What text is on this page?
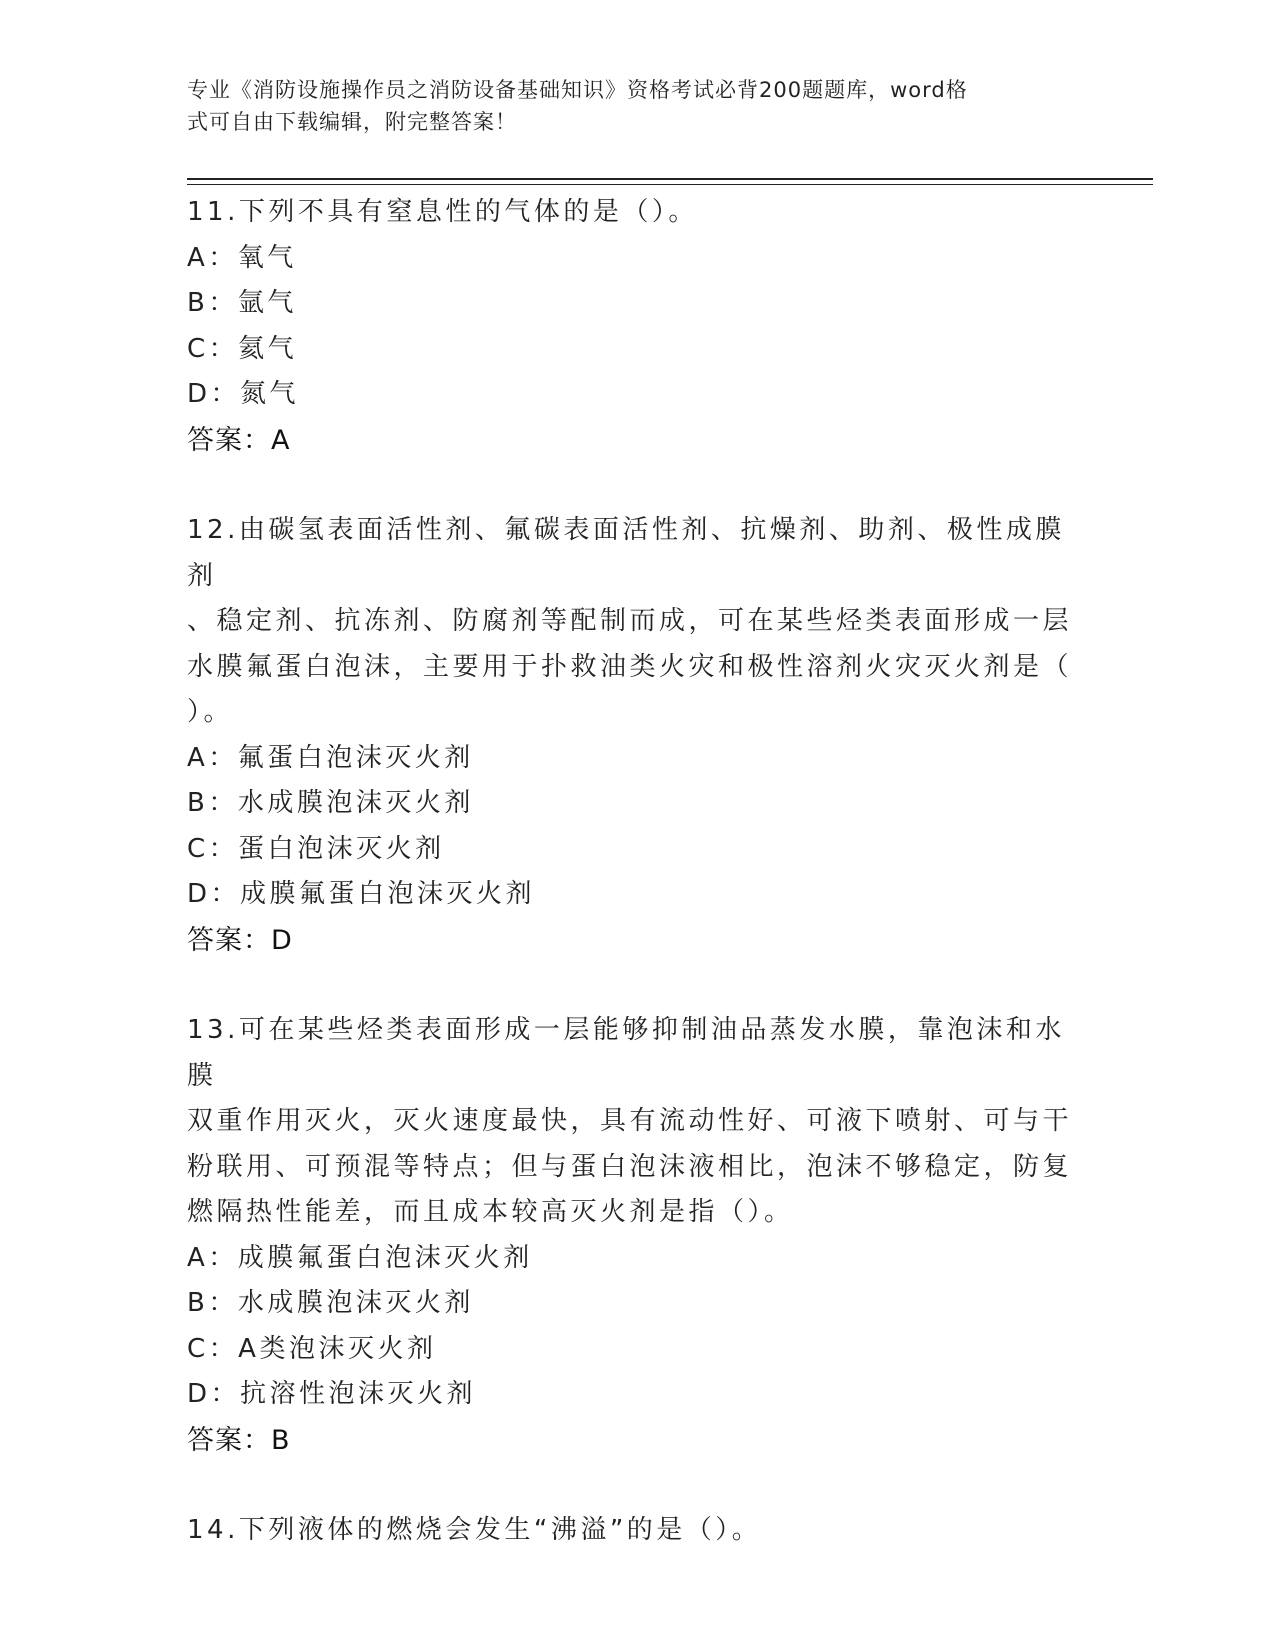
专业《消防设施操作员之消防设备基础知识》资格考试必背200题题库，word格
式可自由下载编辑，附完整答案！
11.下列不具有窒息性的气体的是（）。
A：氧气
B：氩气
C：氦气
D：氮气
答案：A
12.由碳氢表面活性剂、氟碳表面活性剂、抗燥剂、助剂、极性成膜剂
、稳定剂、抗冻剂、防腐剂等配制而成，可在某些烃类表面形成一层
水膜氟蛋白泡沫，主要用于扑救油类火灾和极性溶剂火灾灭火剂是（
）。
A：氟蛋白泡沫灭火剂
B：水成膜泡沫灭火剂
C：蛋白泡沫灭火剂
D：成膜氟蛋白泡沫灭火剂
答案：D
13.可在某些烃类表面形成一层能够抑制油品蒸发水膜，靠泡沫和水膜
双重作用灭火，灭火速度最快，具有流动性好、可液下喷射、可与干
粉联用、可预混等特点；但与蛋白泡沫液相比，泡沫不够稳定，防复
燃隔热性能差，而且成本较高灭火剂是指（）。
A：成膜氟蛋白泡沫灭火剂
B：水成膜泡沫灭火剂
C：A类泡沫灭火剂
D：抗溶性泡沫灭火剂
答案：B
14.下列液体的燃烧会发生“沸溢”的是（）。
